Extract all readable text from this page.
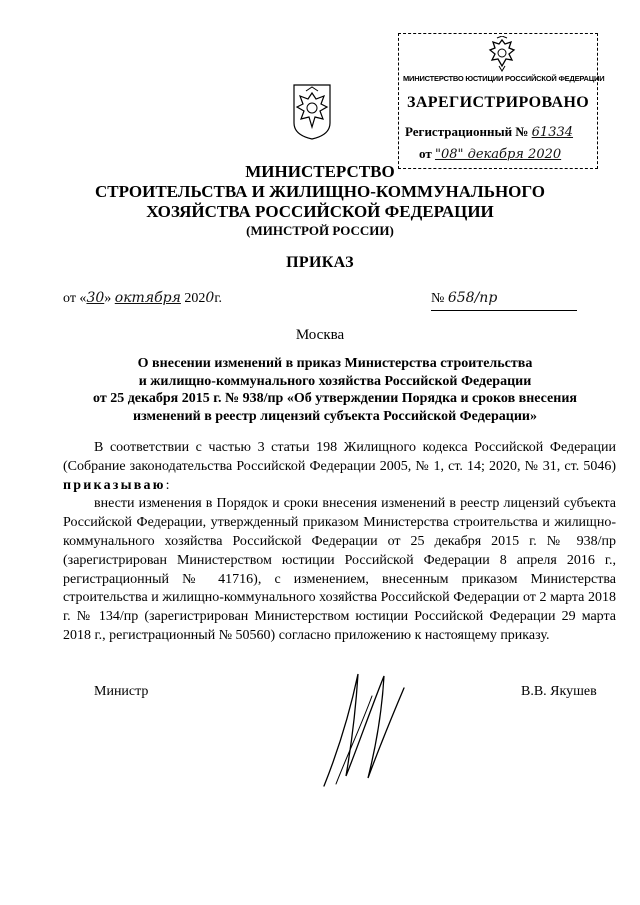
МИНИСТЕРСТВО ЮСТИЦИИ РОССИЙСКОЙ ФЕДЕРАЦИИ
ЗАРЕГИСТРИРОВАНО
Регистрационный № 61334
от "08" декабря 2020
МИНИСТЕРСТВО
СТРОИТЕЛЬСТВА И ЖИЛИЩНО-КОММУНАЛЬНОГО
ХОЗЯЙСТВА РОССИЙСКОЙ ФЕДЕРАЦИИ
(МИНСТРОЙ РОССИИ)
ПРИКАЗ
от «30» октября 2020г.	№ 658/пр
Москва
О внесении изменений в приказ Министерства строительства
и жилищно-коммунального хозяйства Российской Федерации
от 25 декабря 2015 г. № 938/пр «Об утверждении Порядка и сроков внесения
изменений в реестр лицензий субъекта Российской Федерации»

В соответствии с частью 3 статьи 198 Жилищного кодекса Российской Федерации (Собрание законодательства Российской Федерации 2005, № 1, ст. 14; 2020, № 31, ст. 5046) приказываю:

внести изменения в Порядок и сроки внесения изменений в реестр лицензий субъекта Российской Федерации, утвержденный приказом Министерства строительства и жилищно-коммунального хозяйства Российской Федерации от 25 декабря 2015 г. № 938/пр (зарегистрирован Министерством юстиции Российской Федерации 8 апреля 2016 г., регистрационный № 41716), с изменением, внесенным приказом Министерства строительства и жилищно-коммунального хозяйства Российской Федерации от 2 марта 2018 г. № 134/пр (зарегистрирован Министерством юстиции Российской Федерации 29 марта 2018 г., регистрационный № 50560) согласно приложению к настоящему приказу.

Министр	В.В. Якушев
